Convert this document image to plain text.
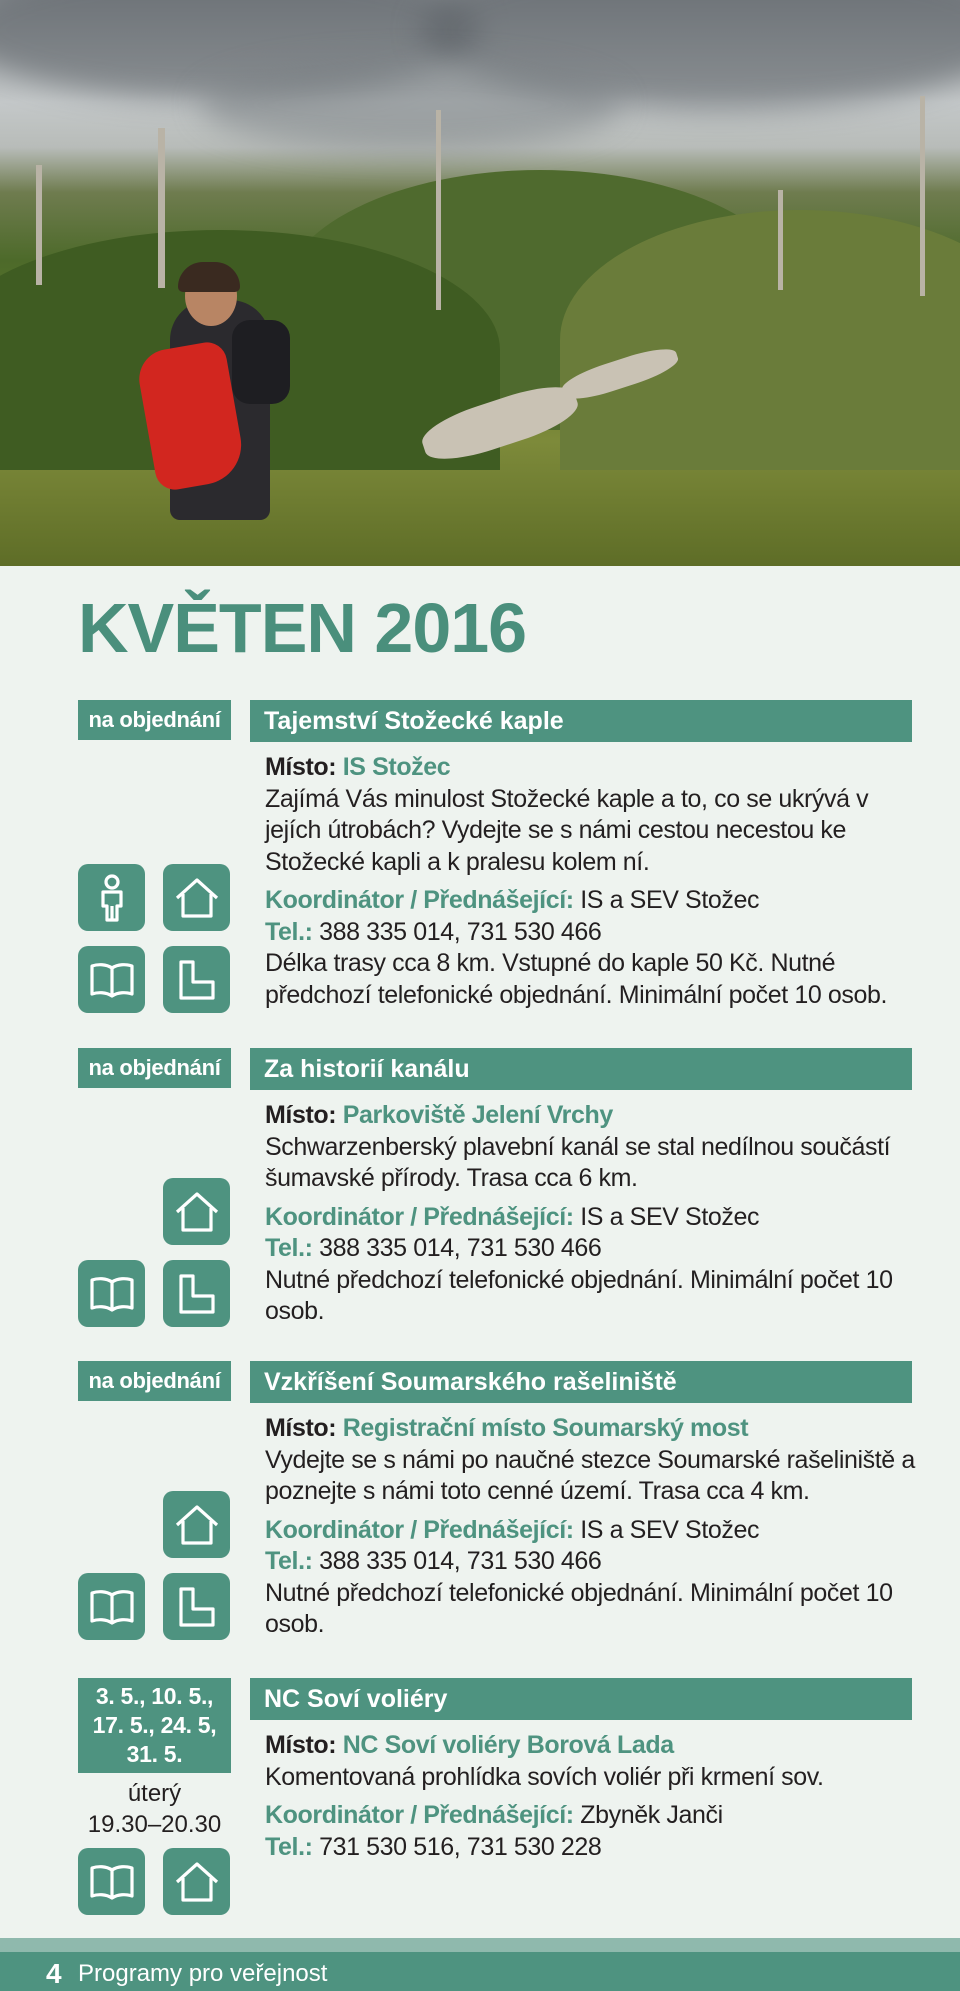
KVĚTEN 2016
na objednání	Tajemství Stožecké kaple

Místo: IS Stožec

Zajímá Vás minulost Stožecké kaple a to, co se ukrývá v jejích útrobách? Vydejte se s námi cestou necestou ke Stožecké kapli a k pralesu kolem ní.

Koordinátor / Přednášející: IS a SEV Stožec

Tel.: 388 335 014, 731 530 466

Délka trasy cca 8 km. Vstupné do kaple 50 Kč. Nutné předchozí telefonické objednání. Minimální počet 10 osob.

na objednání	Za historií kanálu

Místo: Parkoviště Jelení Vrchy

Schwarzenberský plavební kanál se stal nedílnou součástí šumavské přírody. Trasa cca 6 km.

Koordinátor / Přednášející: IS a SEV Stožec

Tel.: 388 335 014, 731 530 466

Nutné předchozí telefonické objednání. Minimální počet 10 osob.

na objednání	Vzkříšení Soumarského rašeliniště

Místo: Registrační místo Soumarský most

Vydejte se s námi po naučné stezce Soumarské rašeliniště a poznejte s námi toto cenné území. Trasa cca 4 km.

Koordinátor / Přednášející: IS a SEV Stožec

Tel.: 388 335 014, 731 530 466

Nutné předchozí telefonické objednání. Minimální počet 10 osob.

3. 5., 10. 5., 17. 5., 24. 5, 31. 5.
úterý
19.30–20.30
NC Soví voliéry

Místo: NC Soví voliéry Borová Lada

Komentovaná prohlídka sovích voliér při krmení sov.

Koordinátor / Přednášející: Zbyněk Janči

Tel.: 731 530 516, 731 530 228

4 Programy pro veřejnost
